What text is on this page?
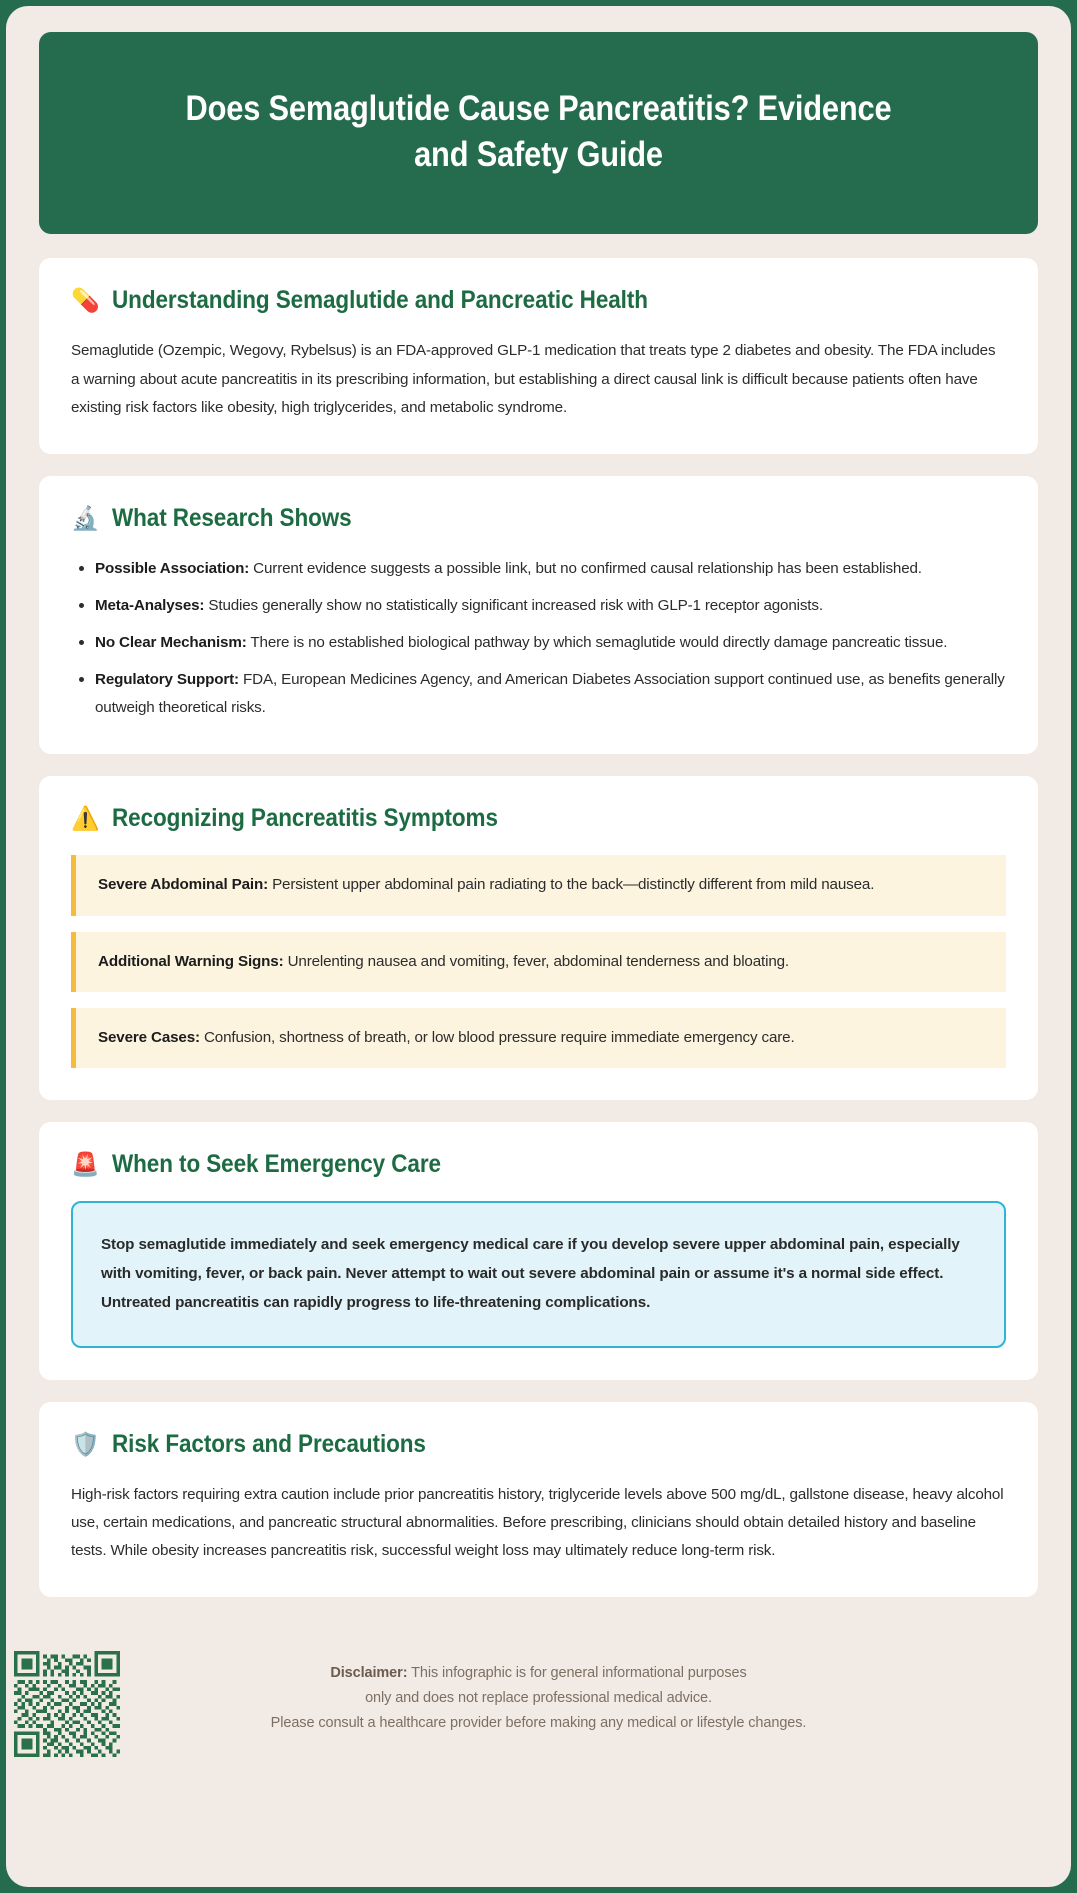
Does Semaglutide Cause Pancreatitis? Evidence and Safety Guide
💊 Understanding Semaglutide and Pancreatic Health

Semaglutide (Ozempic, Wegovy, Rybelsus) is an FDA-approved GLP-1 medication that treats type 2 diabetes and obesity. The FDA includes a warning about acute pancreatitis in its prescribing information, but establishing a direct causal link is difficult because patients often have existing risk factors like obesity, high triglycerides, and metabolic syndrome.

🔬 What Research Shows
Possible Association: Current evidence suggests a possible link, but no confirmed causal relationship has been established.
Meta-Analyses: Studies generally show no statistically significant increased risk with GLP-1 receptor agonists.
No Clear Mechanism: There is no established biological pathway by which semaglutide would directly damage pancreatic tissue.
Regulatory Support: FDA, European Medicines Agency, and American Diabetes Association support continued use, as benefits generally outweigh theoretical risks.
⚠️ Recognizing Pancreatitis Symptoms
Severe Abdominal Pain: Persistent upper abdominal pain radiating to the back—distinctly different from mild nausea.
Additional Warning Signs: Unrelenting nausea and vomiting, fever, abdominal tenderness and bloating.
Severe Cases: Confusion, shortness of breath, or low blood pressure require immediate emergency care.
🚨 When to Seek Emergency Care
Stop semaglutide immediately and seek emergency medical care if you develop severe upper abdominal pain, especially with vomiting, fever, or back pain. Never attempt to wait out severe abdominal pain or assume it's a normal side effect. Untreated pancreatitis can rapidly progress to life-threatening complications.
🛡️ Risk Factors and Precautions

High-risk factors requiring extra caution include prior pancreatitis history, triglyceride levels above 500 mg/dL, gallstone disease, heavy alcohol use, certain medications, and pancreatic structural abnormalities. Before prescribing, clinicians should obtain detailed history and baseline tests. While obesity increases pancreatitis risk, successful weight loss may ultimately reduce long-term risk.

Disclaimer: This infographic is for general informational purposes
only and does not replace professional medical advice.
Please consult a healthcare provider before making any medical or lifestyle changes.
